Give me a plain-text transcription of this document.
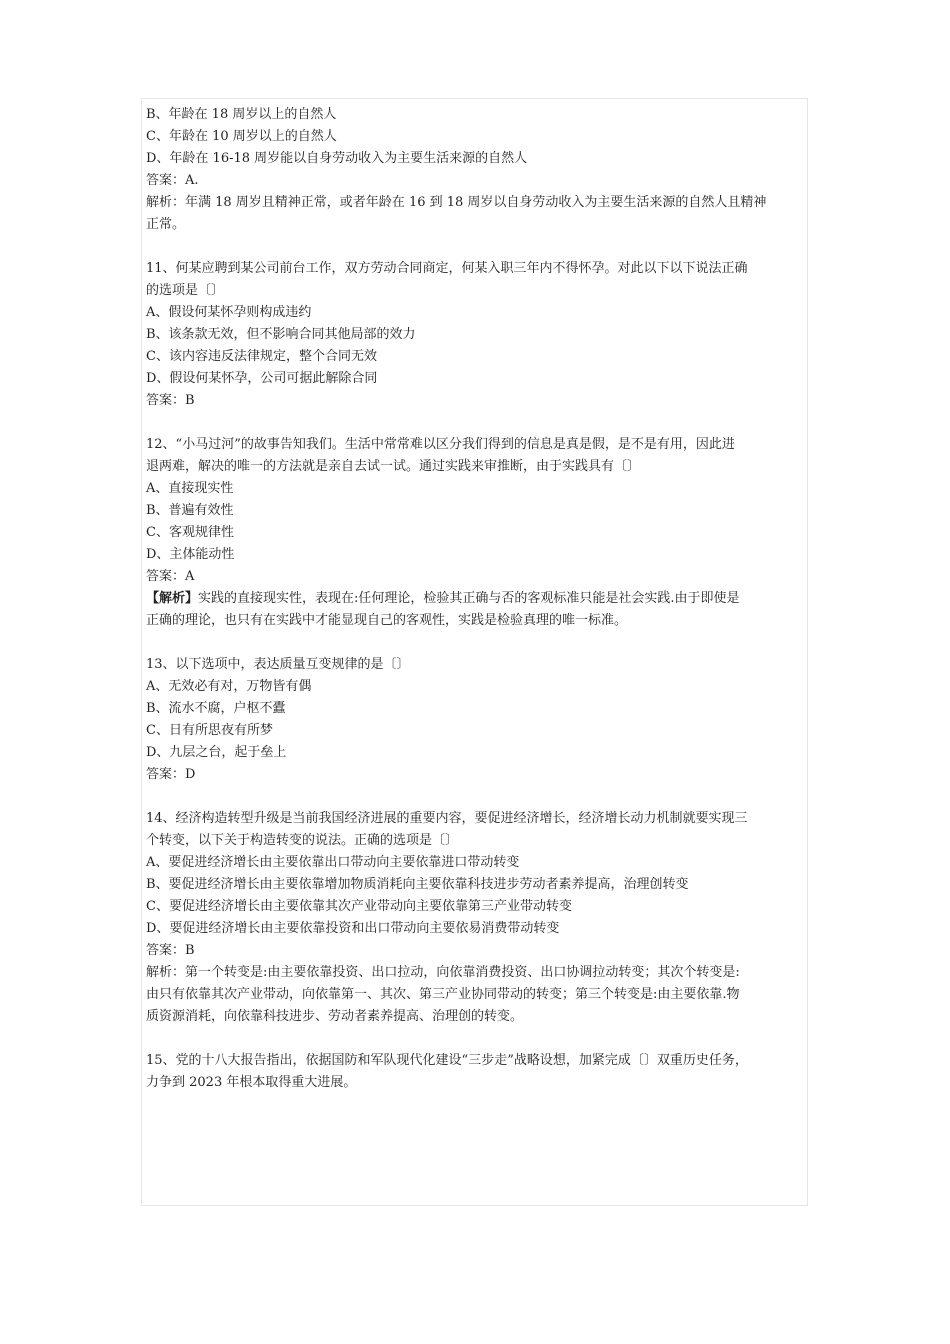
B、年龄在 18 周岁以上的自然人

C、年龄在 10 周岁以上的自然人

D、年龄在 16-18 周岁能以自身劳动收入为主要生活来源的自然人

答案：A.

解析：年满 18 周岁且精神正常，或者年龄在 16 到 18 周岁以自身劳动收入为主要生活来源的自然人且精神

正常。

11、何某应聘到某公司前台工作，双方劳动合同商定，何某入职三年内不得怀孕。对此以下以下说法正确

的选项是〔〕

A、假设何某怀孕则构成违约

B、该条款无效，但不影响合同其他局部的效力

C、该内容违反法律规定，整个合同无效

D、假设何某怀孕，公司可据此解除合同

答案：B

12、“小马过河”的故事告知我们。生活中常常难以区分我们得到的信息是真是假，是不是有用，因此进

退两难，解决的唯一的方法就是亲自去试一试。通过实践来审推断，由于实践具有〔〕

A、直接现实性

B、普遍有效性

C、客观规律性

D、主体能动性

答案：A

【解析】实践的直接现实性，表现在:任何理论，检验其正确与否的客观标准只能是社会实践.由于即使是

正确的理论，也只有在实践中才能显现自己的客观性，实践是检验真理的唯一标准。

13、以下选项中，表达质量互变规律的是〔〕

A、无效必有对，万物皆有偶

B、流水不腐，户枢不蠹

C、日有所思夜有所梦

D、九层之台，起于垒上

答案：D

14、经济构造转型升级是当前我国经济进展的重要内容，要促进经济增长，经济增长动力机制就要实现三

个转变，以下关于构造转变的说法。正确的选项是〔〕

A、要促进经济增长由主要依靠出口带动向主要依靠进口带动转变

B、要促进经济增长由主要依靠增加物质消耗向主要依靠科技进步劳动者素养提高，治理创转变

C、要促进经济增长由主要依靠其次产业带动向主要依靠第三产业带动转变

D、要促进经济增长由主要依靠投资和出口带动向主要依易消费带动转变

答案：B

解析：第一个转变是:由主要依靠投资、出口拉动，向依靠消费投资、出口协调拉动转变；其次个转变是:

由只有依靠其次产业带动，向依靠第一、其次、第三产业协同带动的转变；第三个转变是:由主要依靠.物

质资源消耗，向依靠科技进步、劳动者素养提高、治理创的转变。

15、党的十八大报告指出，依据国防和军队现代化建设“三步走”战略设想，加紧完成〔〕双重历史任务，

力争到 2023 年根本取得重大进展。
